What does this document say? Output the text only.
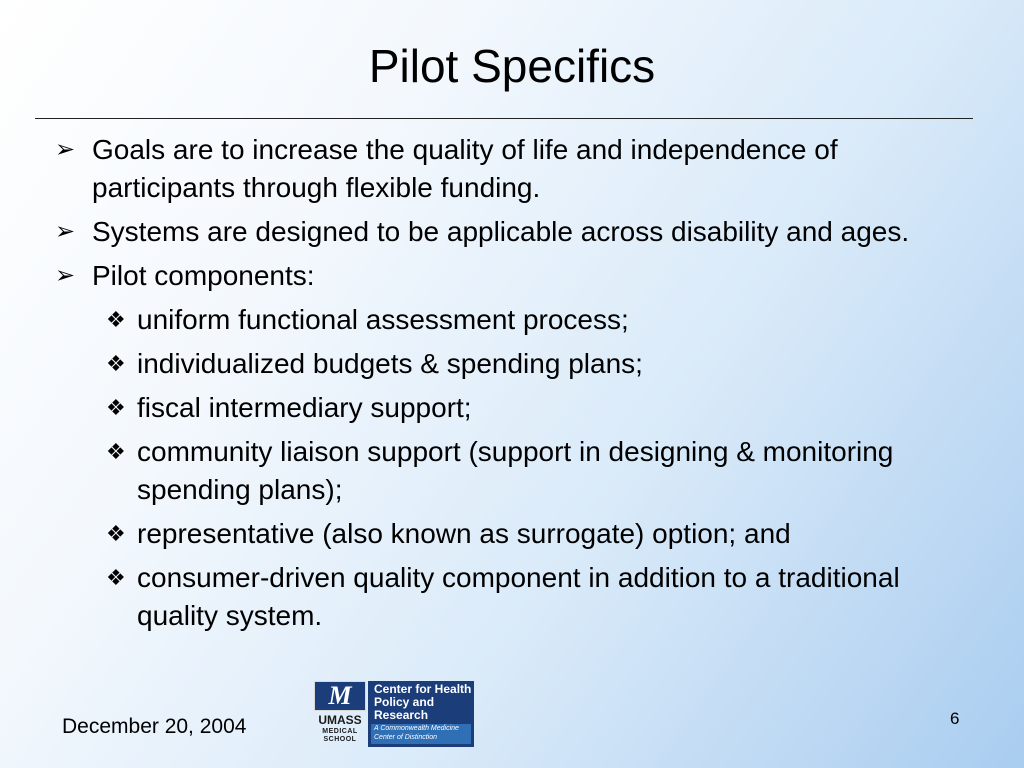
Pilot Specifics
➢ Goals are to increase the quality of life and independence of participants through flexible funding.
➢ Systems are designed to be applicable across disability and ages.
➢ Pilot components:
❖ uniform functional assessment process;
❖ individualized budgets & spending plans;
❖ fiscal intermediary support;
❖ community liaison support (support in designing & monitoring spending plans);
❖ representative (also known as surrogate) option; and
❖ consumer-driven quality component in addition to a traditional quality system.
December 20, 2004
M
UMASS
MEDICAL SCHOOL
Center for Health Policy and Research
A Commonwealth Medicine Center of Distinction
6
